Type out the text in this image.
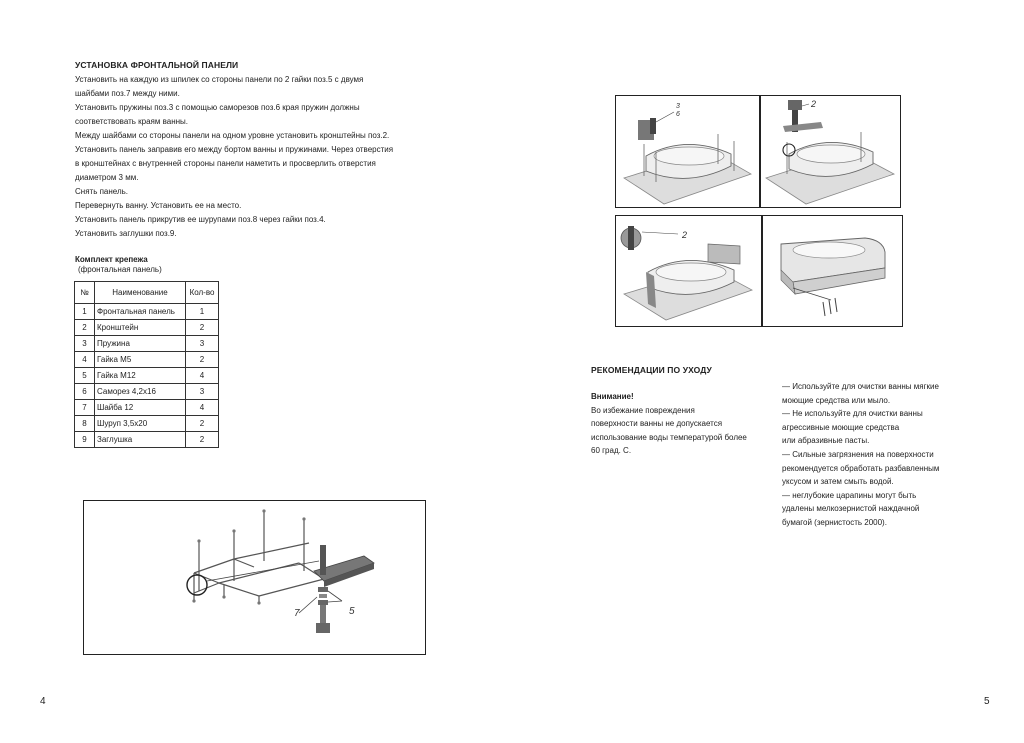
УСТАНОВКА ФРОНТАЛЬНОЙ ПАНЕЛИ

Установить на каждую из шпилек со стороны панели по 2 гайки поз.5 с двумя

шайбами поз.7 между ними.

Установить пружины поз.3 с помощью саморезов поз.6 края пружин должны

соответствовать краям ванны.

Между шайбами со стороны панели на одном уровне установить кронштейны поз.2.

Установить панель заправив его между бортом ванны и пружинами. Через отверстия

в кронштейнах с внутренней стороны панели наметить и просверлить отверстия

диаметром 3 мм.

Снять панель.

Перевернуть ванну. Установить ее на место.

Установить панель прикрутив ее шурупами поз.8 через гайки поз.4.

Установить заглушки поз.9.

Комплект крепежа
(фронтальная панель)
№	Наименование	Кол-во
1	Фронтальная панель	1
2	Кронштейн	2
3	Пружина	3
4	Гайка М5	2
5	Гайка М12	4
6	Саморез 4,2х16	3
7	Шайба 12	4
8	Шуруп 3,5х20	2
9	Заглушка	2
7	5
4
3
6
2
2
РЕКОМЕНДАЦИИ ПО УХОДУ

Внимание!

Во избежание повреждения

поверхности ванны не допускается

использование воды температурой более

60 град. С.

— Используйте для очистки ванны мягкие

моющие средства или мыло.

— Не используйте для очистки ванны

агрессивные моющие средства

или абразивные пасты.

— Сильные загрязнения на поверхности

рекомендуется обработать разбавленным

уксусом и затем смыть водой.

— неглубокие царапины могут быть

удалены мелкозернистой наждачной

бумагой (зернистость 2000).

5
